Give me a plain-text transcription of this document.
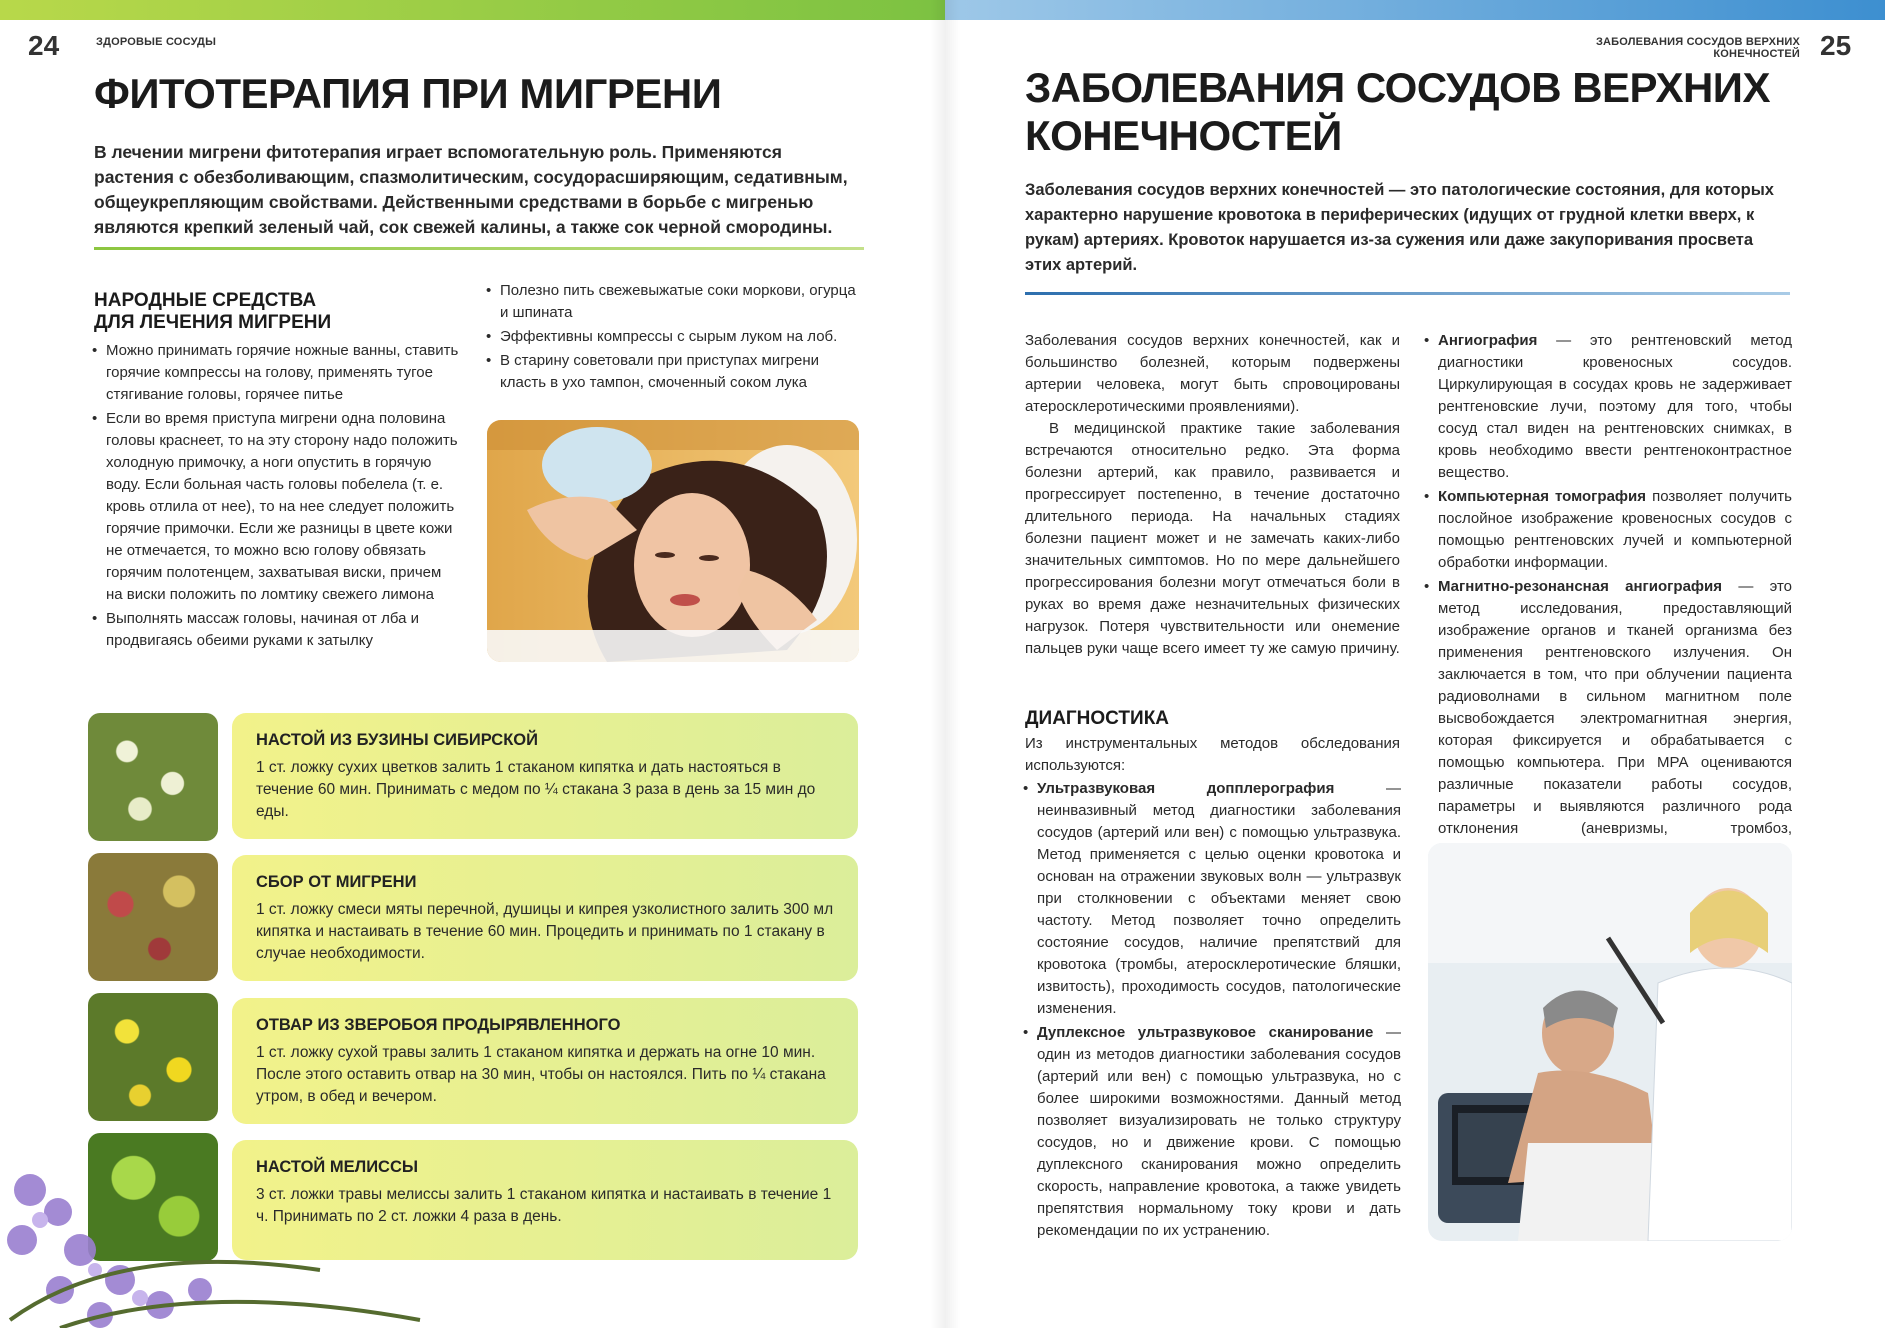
24	ЗДОРОВЫЕ СОСУДЫ
ФИТОТЕРАПИЯ ПРИ МИГРЕНИ
В лечении мигрени фитотерапия играет вспомогательную роль. Применяются растения с обезболивающим, спазмолитическим, сосудорасширяющим, седативным, общеукрепляющим свойствами. Действенными средствами в борьбе с мигренью являются крепкий зеленый чай, сок свежей калины, а также сок черной смородины.
НАРОДНЫЕ СРЕДСТВА
ДЛЯ ЛЕЧЕНИЯ МИГРЕНИ
• Можно принимать горячие ножные ванны, ставить горячие компрессы на голову, применять тугое стягивание головы, горячее питье
• Если во время приступа мигрени одна половина головы краснеет, то на эту сторону надо положить холодную примочку, а ноги опустить в горячую воду. Если больная часть головы побелела (т. е. кровь отлила от нее), то на нее следует положить горячие примочки. Если же разницы в цвете кожи не отмечается, то можно всю голову обвязать горячим полотенцем, захватывая виски, причем на виски положить по ломтику свежего лимона
• Выполнять массаж головы, начиная от лба и продвигаясь обеими руками к затылку
• Полезно пить свежевыжатые соки моркови, огурца и шпината
• Эффективны компрессы с сырым луком на лоб.
• В старину советовали при приступах мигрени класть в ухо тампон, смоченный соком лука
НАСТОЙ ИЗ БУЗИНЫ СИБИРСКОЙ
1 ст. ложку сухих цветков залить 1 стаканом кипятка и дать настояться в течение 60 мин. Принимать с медом по ¼ стакана 3 раза в день за 15 мин до еды.
СБОР ОТ МИГРЕНИ
1 ст. ложку смеси мяты перечной, душицы и кипрея узколистного залить 300 мл кипятка и настаивать в течение 60 мин. Процедить и принимать по 1 стакану в случае необходимости.
ОТВАР ИЗ ЗВЕРОБОЯ ПРОДЫРЯВЛЕННОГО
1 ст. ложку сухой травы залить 1 стаканом кипятка и держать на огне 10 мин. После этого оставить отвар на 30 мин, чтобы он настоялся. Пить по ¼ стакана утром, в обед и вечером.
НАСТОЙ МЕЛИССЫ
3 ст. ложки травы мелиссы залить 1 стаканом кипятка и настаивать в течение 1 ч. Принимать по 2 ст. ложки 4 раза в день.
25
ЗАБОЛЕВАНИЯ СОСУДОВ ВЕРХНИХ КОНЕЧНОСТЕЙ
ЗАБОЛЕВАНИЯ СОСУДОВ ВЕРХНИХ
КОНЕЧНОСТЕЙ
Заболевания сосудов верхних конечностей — это патологические состояния, для которых характерно нарушение кровотока в периферических (идущих от грудной клетки вверх, к рукам) артериях. Кровоток нарушается из-за сужения или даже закупоривания просвета этих артерий.

Заболевания сосудов верхних конечностей, как и большинство болезней, которым подвержены артерии человека, могут быть спровоцированы атеросклеротическими проявлениями).

В медицинской практике такие заболевания встречаются относительно редко. Эта форма болезни артерий, как правило, развивается и прогрессирует постепенно, в течение достаточно длительного периода. На начальных стадиях болезни пациент может и не замечать каких-либо значительных симптомов. Но по мере дальнейшего прогрессирования болезни могут отмечаться боли в руках во время даже незначительных физических нагрузок. Потеря чувствительности или онемение пальцев руки чаще всего имеет ту же самую причину.

ДИАГНОСТИКА
Из инструментальных методов обследования используются:
• Ультразвуковая допплерография — неинвазивный метод диагностики заболевания сосудов (артерий или вен) с помощью ультразвука. Метод применяется с целью оценки кровотока и основан на отражении звуковых волн — ультразвук при столкновении с объектами меняет свою частоту. Метод позволяет точно определить состояние сосудов, наличие препятствий для кровотока (тромбы, атеросклеротические бляшки, извитость), проходимость сосудов, патологические изменения.
• Дуплексное ультразвуковое сканирование — один из методов диагностики заболевания сосудов (артерий или вен) с помощью ультразвука, но с более широкими возможностями. Данный метод позволяет визуализировать не только структуру сосудов, но и движение крови. С помощью дуплексного сканирования можно определить скорость, направление кровотока, а также увидеть препятствия нормальному току крови и дать рекомендации по их устранению.
• Ангиография — это рентгеновский метод диагностики кровеносных сосудов. Циркулирующая в сосудах кровь не задерживает рентгеновские лучи, поэтому для того, чтобы сосуд стал виден на рентгеновских снимках, в кровь необходимо ввести рентгеноконтрастное вещество.
• Компьютерная томография позволяет получить послойное изображение кровеносных сосудов с помощью рентгеновских лучей и компьютерной обработки информации.
• Магнитно-резонансная ангиография — это метод исследования, предоставляющий изображение органов и тканей организма без применения рентгеновского излучения. Он заключается в том, что при облучении пациента радиоволнами в сильном магнитном поле высвобождается электромагнитная энергия, которая фиксируется и обрабатывается с помощью компьютера. При МРА оцениваются различные показатели работы сосудов, параметры и выявляются различного рода отклонения (аневризмы, тромбоз,
